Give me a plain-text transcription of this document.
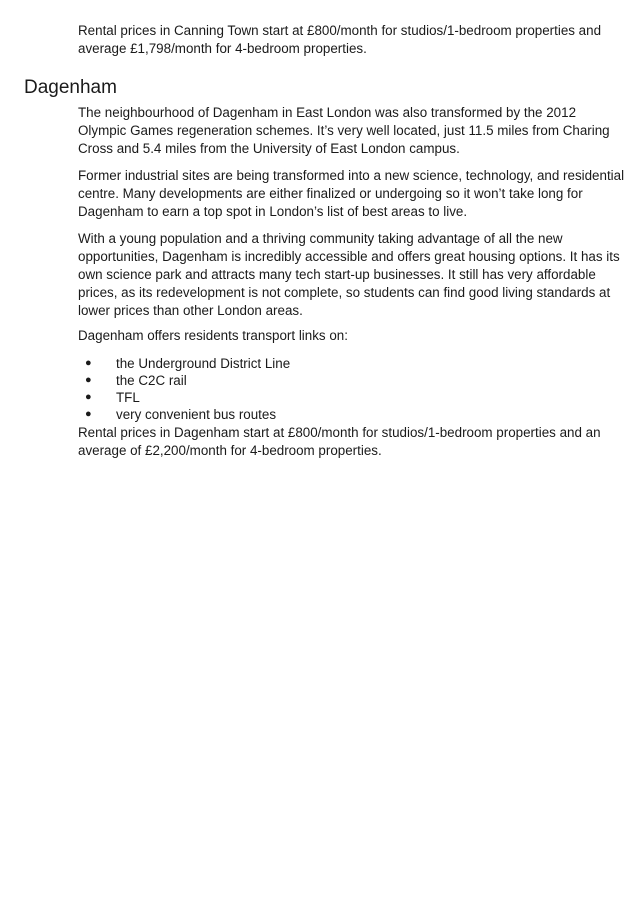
Rental prices in Canning Town start at £800/month for studios/1-bedroom properties and average £1,798/month for 4-bedroom properties.

Dagenham

The neighbourhood of Dagenham in East London was also transformed by the 2012 Olympic Games regeneration schemes. It’s very well located, just 11.5 miles from Charing Cross and 5.4 miles from the University of East London campus.

Former industrial sites are being transformed into a new science, technology, and residential centre. Many developments are either finalized or undergoing so it won’t take long for Dagenham to earn a top spot in London’s list of best areas to live.

With a young population and a thriving community taking advantage of all the new opportunities, Dagenham is incredibly accessible and offers great housing options. It has its own science park and attracts many tech start-up businesses. It still has very affordable prices, as its redevelopment is not complete, so students can find good living standards at lower prices than other London areas.

Dagenham offers residents transport links on:

● the Underground District Line
● the C2C rail
● TFL
● very convenient bus routes

Rental prices in Dagenham start at £800/month for studios/1-bedroom properties and an average of £2,200/month for 4-bedroom properties.
